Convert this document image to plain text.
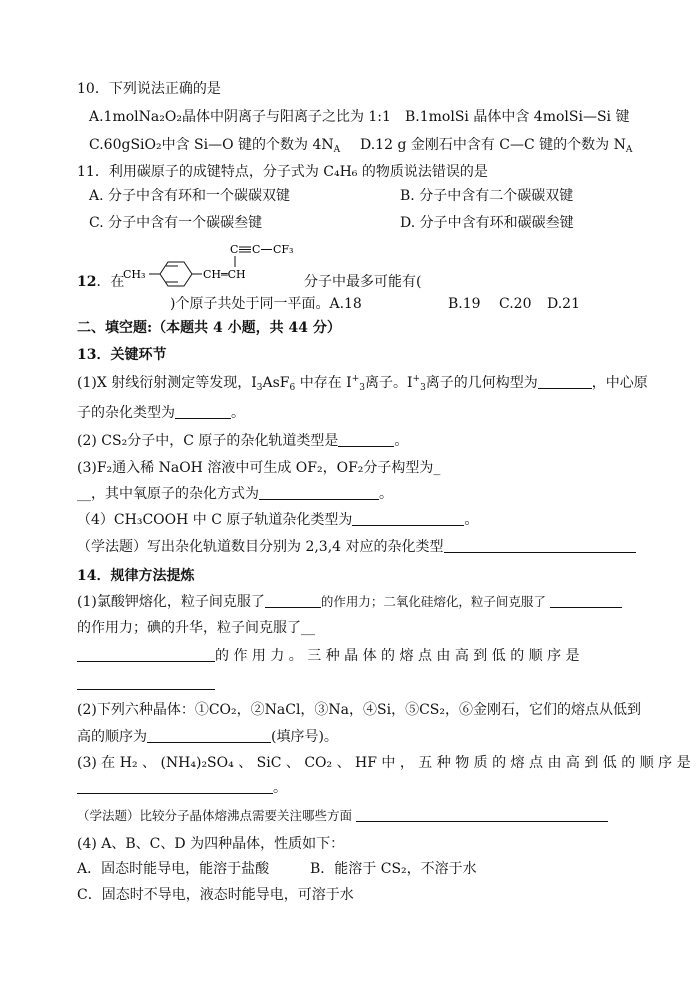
10．下列说法正确的是
A.1molNa₂O₂晶体中阴离子与阳离子之比为 1:1 B.1molSi 晶体中含 4molSi—Si 键
C.60gSiO₂中含 Si—O 键的个数为 $4N_A$ D.12 g 金刚石中含有 C—C 键的个数为 $N_A$
11．利用碳原子的成键特点，分子式为 C₄H₆ 的物质说法错误的是
A. 分子中含有环和一个碳碳双键	B. 分子中含有二个碳碳双键
C. 分子中含有一个碳碳叁键	D. 分子中含有环和碳碳叁键
12．在
CH₃	CH═CH
C C CF₃
分子中最多可能有(
)个原子共处于同一平面。A.18	B.19 C.20 D.21
二、填空题:（本题共 4 小题，共 44 分）
13．关键环节
(1)X 射线衍射测定等发现，$I_3AsF_6$ 中存在 $I^+_3$离子。$I^+_3$离子的几何构型为	，中心原
子的杂化类型为	。
(2) CS₂分子中，C 原子的杂化轨道类型是	。
(3)F₂通入稀 NaOH 溶液中可生成 OF₂，OF₂分子构型为_
__，其中氧原子的杂化方式为	。
（4）CH₃COOH 中 C 原子轨道杂化类型为	。
（学法题）写出杂化轨道数目分别为 2,3,4 对应的杂化类型
14．规律方法提炼
(1)氯酸钾熔化，粒子间克服了	的作用力；二氧化硅熔化，粒子间克服了
的作用力；碘的升华，粒子间克服了__
的 作 用 力 。 三 种 晶 体 的 熔 点 由 高 到 低 的 顺 序 是
(2)下列六种晶体：①CO₂，②NaCl，③Na，④Si，⑤CS₂，⑥金刚石，它们的熔点从低到
高的顺序为	(填序号)。
(3) 在 H₂ 、 (NH₄)₂SO₄ 、 SiC 、 CO₂ 、 HF 中 ， 五 种 物 质 的 熔 点 由 高 到 低 的 顺 序 是
。
（学法题）比较分子晶体熔沸点需要关注哪些方面
(4) A、B、C、D 为四种晶体，性质如下：
A．固态时能导电，能溶于盐酸	B．能溶于 CS₂，不溶于水
C．固态时不导电，液态时能导电，可溶于水
